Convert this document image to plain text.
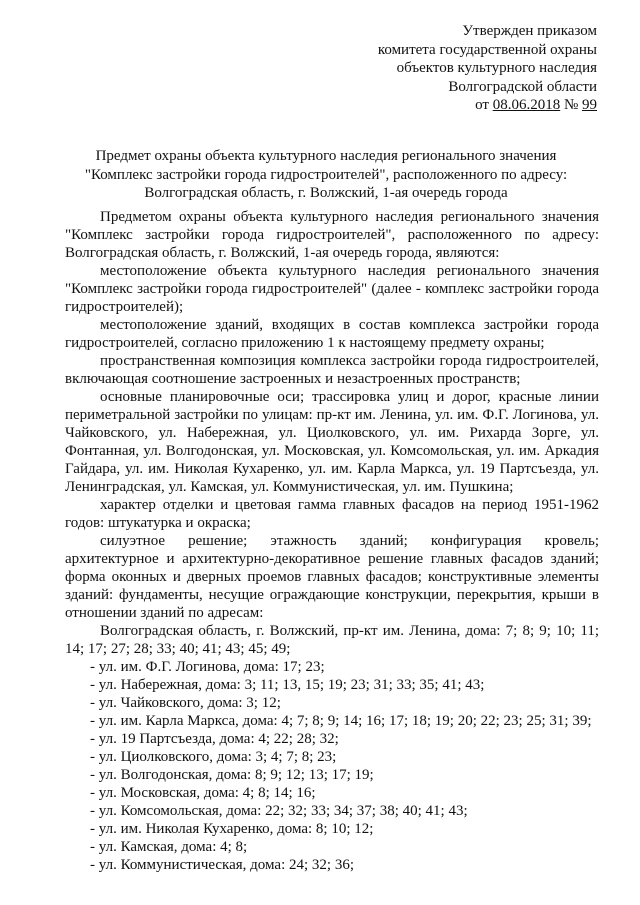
Утвержден приказом
комитета государственной охраны
объектов культурного наследия
Волгоградской области
от 08.06.2018 № 99
Предмет охраны объекта культурного наследия регионального значения "Комплекс застройки города гидростроителей", расположенного по адресу: Волгоградская область, г. Волжский, 1-ая очередь города

Предметом охраны объекта культурного наследия регионального значения "Комплекс застройки города гидростроителей", расположенного по адресу: Волгоградская область, г. Волжский, 1-ая очередь города, являются:

местоположение объекта культурного наследия регионального значения "Комплекс застройки города гидростроителей" (далее - комплекс застройки города гидростроителей);

местоположение зданий, входящих в состав комплекса застройки города гидростроителей, согласно приложению 1 к настоящему предмету охраны;

пространственная композиция комплекса застройки города гидростроителей, включающая соотношение застроенных и незастроенных пространств;

основные планировочные оси; трассировка улиц и дорог, красные линии периметральной застройки по улицам: пр-кт им. Ленина, ул. им. Ф.Г. Логинова, ул. Чайковского, ул. Набережная, ул. Циолковского, ул. им. Рихарда Зорге, ул. Фонтанная, ул. Волгодонская, ул. Московская, ул. Комсомольская, ул. им. Аркадия Гайдара, ул. им. Николая Кухаренко, ул. им. Карла Маркса, ул. 19 Партсъезда, ул. Ленинградская, ул. Камская, ул. Коммунистическая, ул. им. Пушкина;

характер отделки и цветовая гамма главных фасадов на период 1951-1962 годов: штукатурка и окраска;

силуэтное решение; этажность зданий; конфигурация кровель; архитектурное и архитектурно-декоративное решение главных фасадов зданий; форма оконных и дверных проемов главных фасадов; конструктивные элементы зданий: фундаменты, несущие ограждающие конструкции, перекрытия, крыши в отношении зданий по адресам:

Волгоградская область, г. Волжский, пр-кт им. Ленина, дома: 7; 8; 9; 10; 11; 14; 17; 27; 28; 33; 40; 41; 43; 45; 49;

- ул. им. Ф.Г. Логинова, дома: 17; 23;
- ул. Набережная, дома: 3; 11; 13, 15; 19; 23; 31; 33; 35; 41; 43;
- ул. Чайковского, дома: 3; 12;
- ул. им. Карла Маркса, дома: 4; 7; 8; 9; 14; 16; 17; 18; 19; 20; 22; 23; 25; 31; 39;
- ул. 19 Партсъезда, дома: 4; 22; 28; 32;
- ул. Циолковского, дома: 3; 4; 7; 8; 23;
- ул. Волгодонская, дома: 8; 9; 12; 13; 17; 19;
- ул. Московская, дома: 4; 8; 14; 16;
- ул. Комсомольская, дома: 22; 32; 33; 34; 37; 38; 40; 41; 43;
- ул. им. Николая Кухаренко, дома: 8; 10; 12;
- ул. Камская, дома: 4; 8;
- ул. Коммунистическая, дома: 24; 32; 36;
